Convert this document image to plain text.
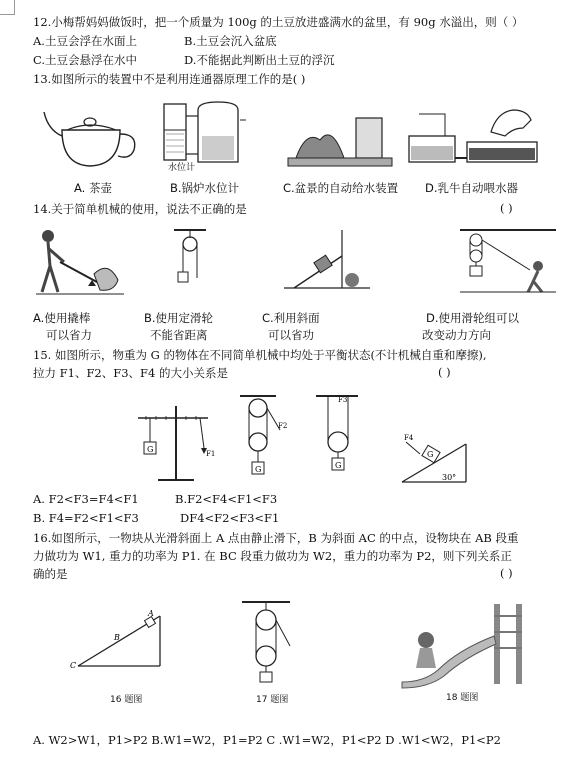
12.小梅帮妈妈做饭时，把一个质量为 100g 的土豆放进盛满水的盆里，有 90g 水溢出，则（ ）
A.土豆会浮在水面上	B.土豆会沉入盆底
C.土豆会悬浮在水中	D.不能据此判断出土豆的浮沉
13.如图所示的装置中不是利用连通器原理工作的是( )
水位计
A. 茶壶	B.锅炉水位计	C.盆景的自动给水装置 D.乳牛自动喂水器
14.关于简单机械的使用，说法不正确的是	( )
A.使用撬棒
可以省力
B.使用定滑轮
不能省距离
C.利用斜面
可以省功
D.使用滑轮组可以
改变动力方向
15. 如图所示，物重为 G 的物体在不同简单机械中均处于平衡状态(不计机械自重和摩擦),
拉力 F1、F2、F3、F4 的大小关系是	( )
G	F1
G
F2
G
F3
G
F4
30°
A. F2<F3=F4<F1	B.F2<F4<F1<F3
B. F4=F2<F1<F3	DF4<F2<F3<F1
16.如图所示，一物块从光滑斜面上 A 点由静止滑下，B 为斜面 AC 的中点，设物块在 AB 段重
力做功为 W1, 重力的功率为 P1. 在 BC 段重力做功为 W2，重力的功率为 P2，则下列关系正
确的是	( )
A
B
C
16 题图	17 题图	18 题图
A. W2>W1，P1>P2 B.W1=W2，P1=P2 C .W1=W2，P1<P2 D .W1<W2，P1<P2
